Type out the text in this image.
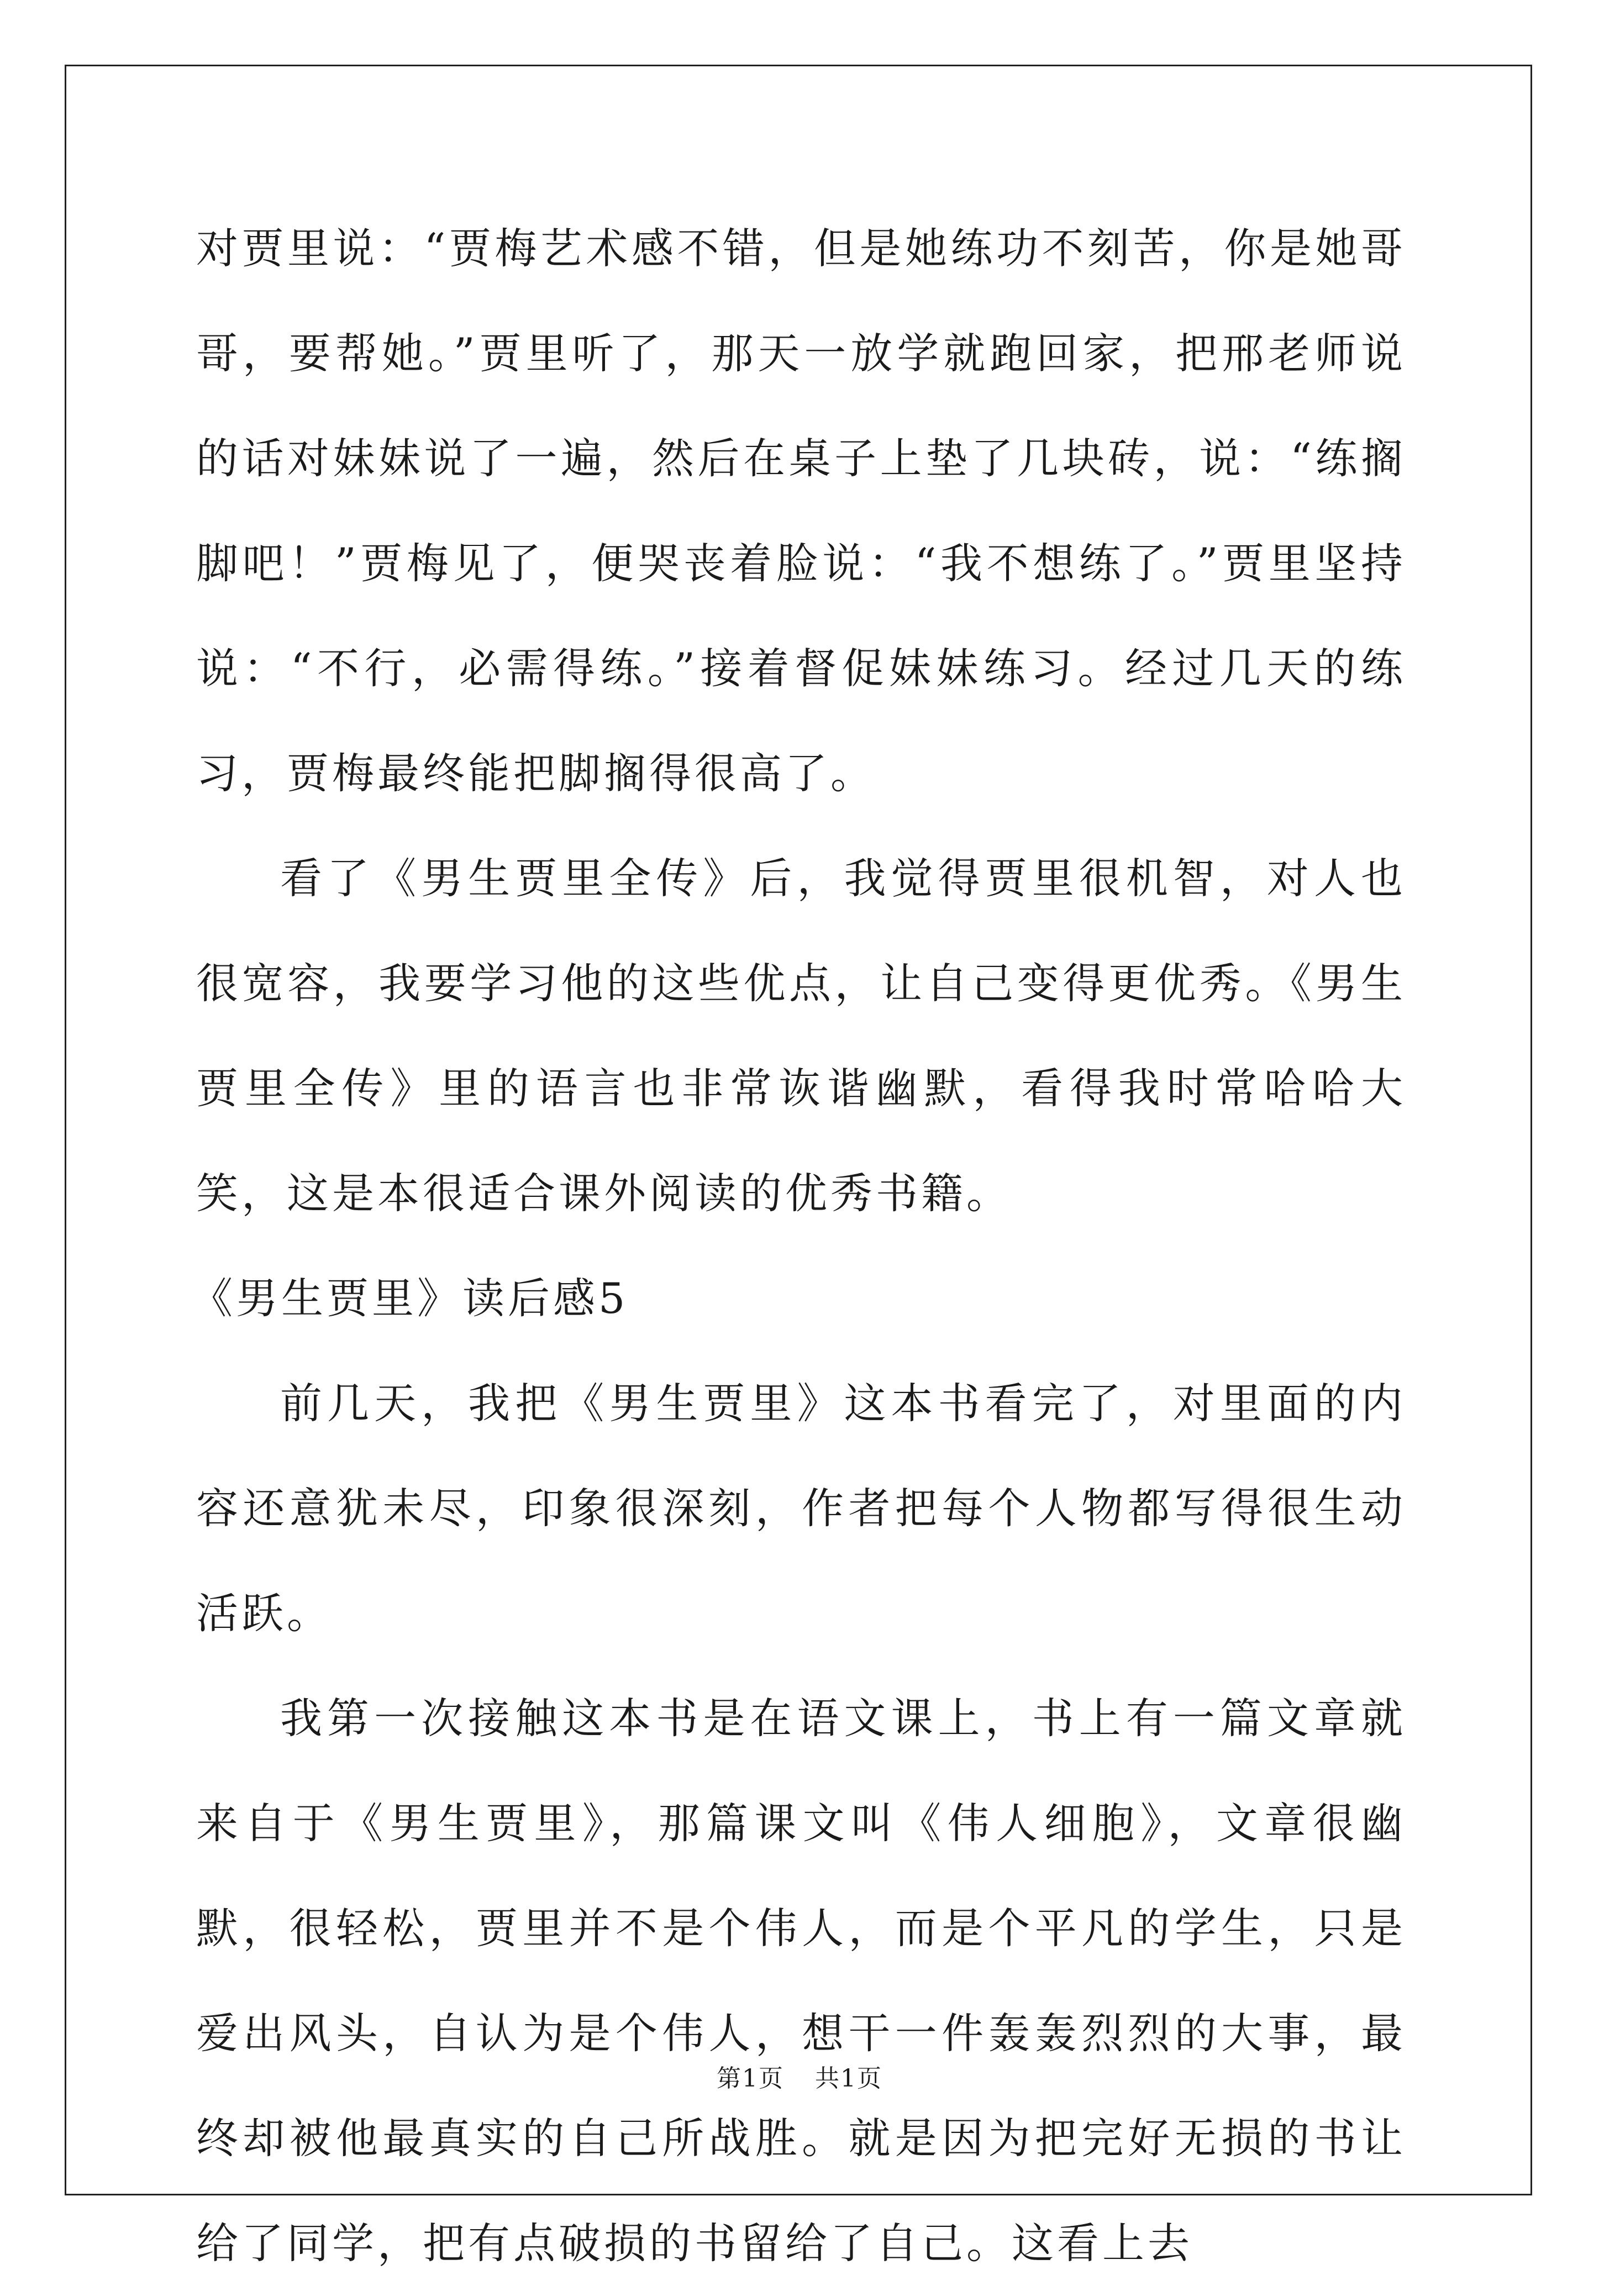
对贾里说：“贾梅艺术感不错，但是她练功不刻苦，你是她哥哥，要帮她。”贾里听了，那天一放学就跑回家，把邢老师说的话对妹妹说了一遍，然后在桌子上垫了几块砖，说：“练搁脚吧！”贾梅见了，便哭丧着脸说：“我不想练了。”贾里坚持说：“不行，必需得练。”接着督促妹妹练习。经过几天的练习，贾梅最终能把脚搁得很高了。

看了《男生贾里全传》后，我觉得贾里很机智，对人也很宽容，我要学习他的这些优点，让自己变得更优秀。《男生贾里全传》里的语言也非常诙谐幽默，看得我时常哈哈大笑，这是本很适合课外阅读的优秀书籍。

《男生贾里》读后感5

前几天，我把《男生贾里》这本书看完了，对里面的内容还意犹未尽，印象很深刻，作者把每个人物都写得很生动活跃。

我第一次接触这本书是在语文课上，书上有一篇文章就来自于《男生贾里》，那篇课文叫《伟人细胞》，文章很幽默，很轻松，贾里并不是个伟人，而是个平凡的学生，只是爱出风头，自认为是个伟人，想干一件轰轰烈烈的大事，最终却被他最真实的自己所战胜。就是因为把完好无损的书让给了同学，把有点破损的书留给了自己。这看上去

第1页 共1页
